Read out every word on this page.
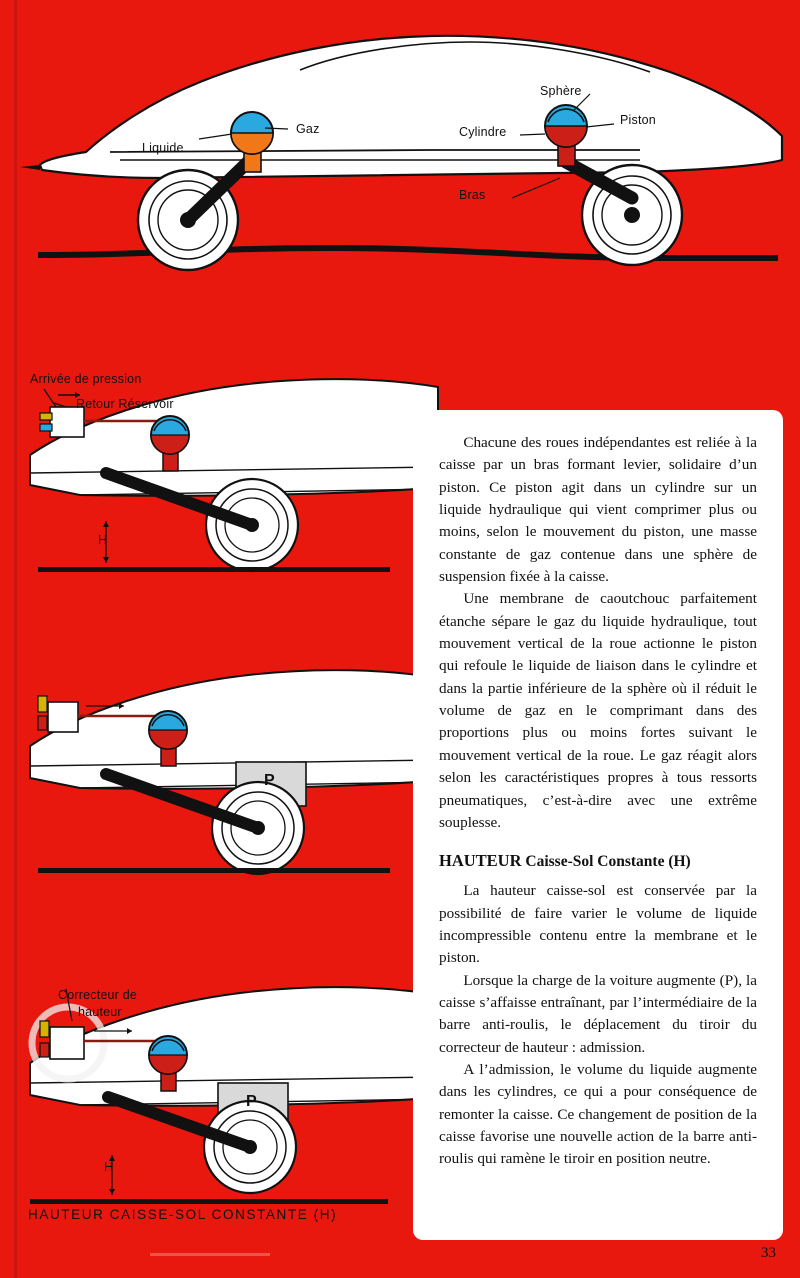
Liquide
Gaz
Sphère
Piston
Cylindre
Bras
Arrivée de pression
Retour Réservoir
H
P
Correcteur de
hauteur
P
H
HAUTEUR CAISSE-SOL CONSTANTE (H)

Chacune des roues indépendantes est reliée à la caisse par un bras formant levier, solidaire d’un piston. Ce piston agit dans un cylindre sur un liquide hydraulique qui vient comprimer plus ou moins, selon le mouvement du piston, une masse constante de gaz contenue dans une sphère de suspension fixée à la caisse.

Une membrane de caoutchouc parfaitement étanche sépare le gaz du liquide hydraulique, tout mouvement vertical de la roue actionne le piston qui refoule le liquide de liaison dans le cylindre et dans la partie inférieure de la sphère où il réduit le volume de gaz en le comprimant dans des proportions plus ou moins fortes suivant le mouvement vertical de la roue. Le gaz réagit alors selon les caractéristiques propres à tous ressorts pneumatiques, c’est-à-dire avec une extrême souplesse.

HAUTEUR Caisse-Sol Constante (H)

La hauteur caisse-sol est conservée par la possibilité de faire varier le volume de liquide incompressible contenu entre la membrane et le piston.

Lorsque la charge de la voiture augmente (P), la caisse s’affaisse entraînant, par l’intermédiaire de la barre anti-roulis, le déplacement du tiroir du correcteur de hauteur : admission.

A l’admission, le volume du liquide augmente dans les cylindres, ce qui a pour conséquence de remonter la caisse. Ce changement de position de la caisse favorise une nouvelle action de la barre anti-roulis qui ramène le tiroir en position neutre.

33
